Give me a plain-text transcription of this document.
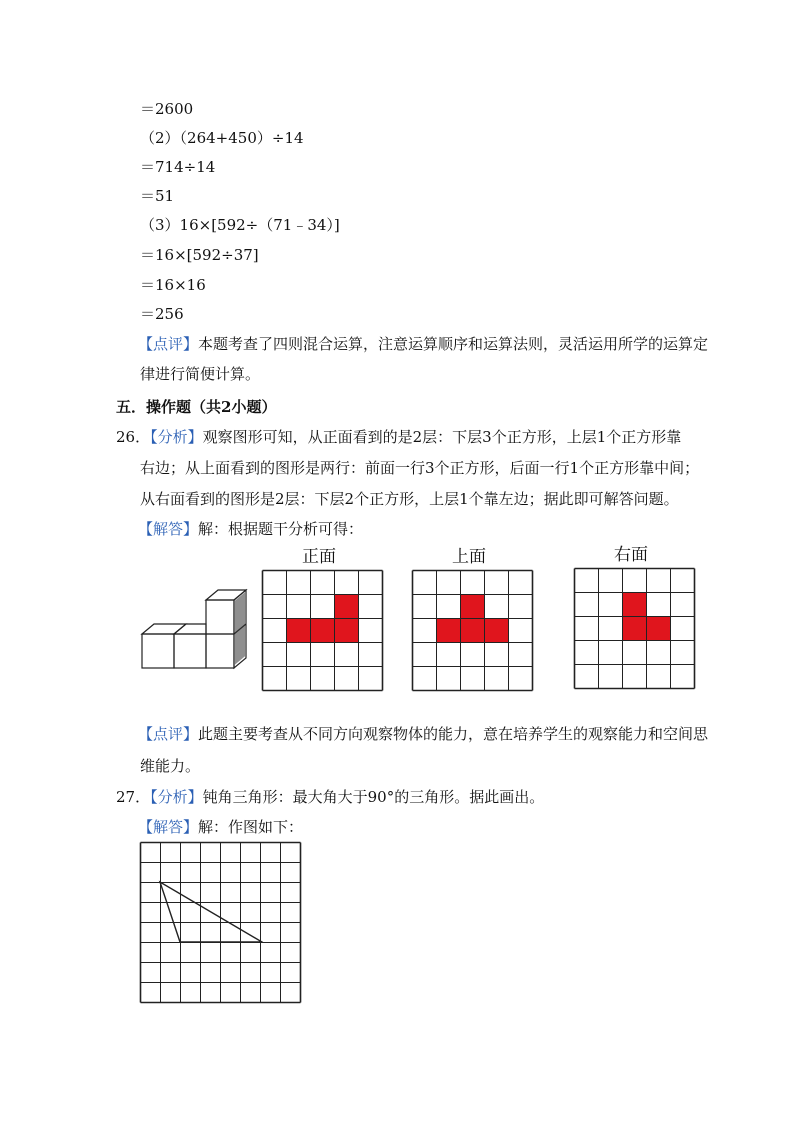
＝2600
（2）（264+450）÷14
＝714÷14
＝51
（3）16×[592÷（71﹣34）]
＝16×[592÷37]
＝16×16
＝256
【点评】本题考查了四则混合运算，注意运算顺序和运算法则，灵活运用所学的运算定
律进行简便计算。
五．操作题（共2小题）
26．【分析】观察图形可知，从正面看到的是2层：下层3个正方形，上层1个正方形靠
右边；从上面看到的图形是两行：前面一行3个正方形，后面一行1个正方形靠中间；
从右面看到的图形是2层：下层2个正方形，上层1个靠左边；据此即可解答问题。
【解答】解：根据题干分析可得：
正面	上面	右面
【点评】此题主要考查从不同方向观察物体的能力，意在培养学生的观察能力和空间思
维能力。
27．【分析】钝角三角形：最大角大于90°的三角形。据此画出。
【解答】解：作图如下：
